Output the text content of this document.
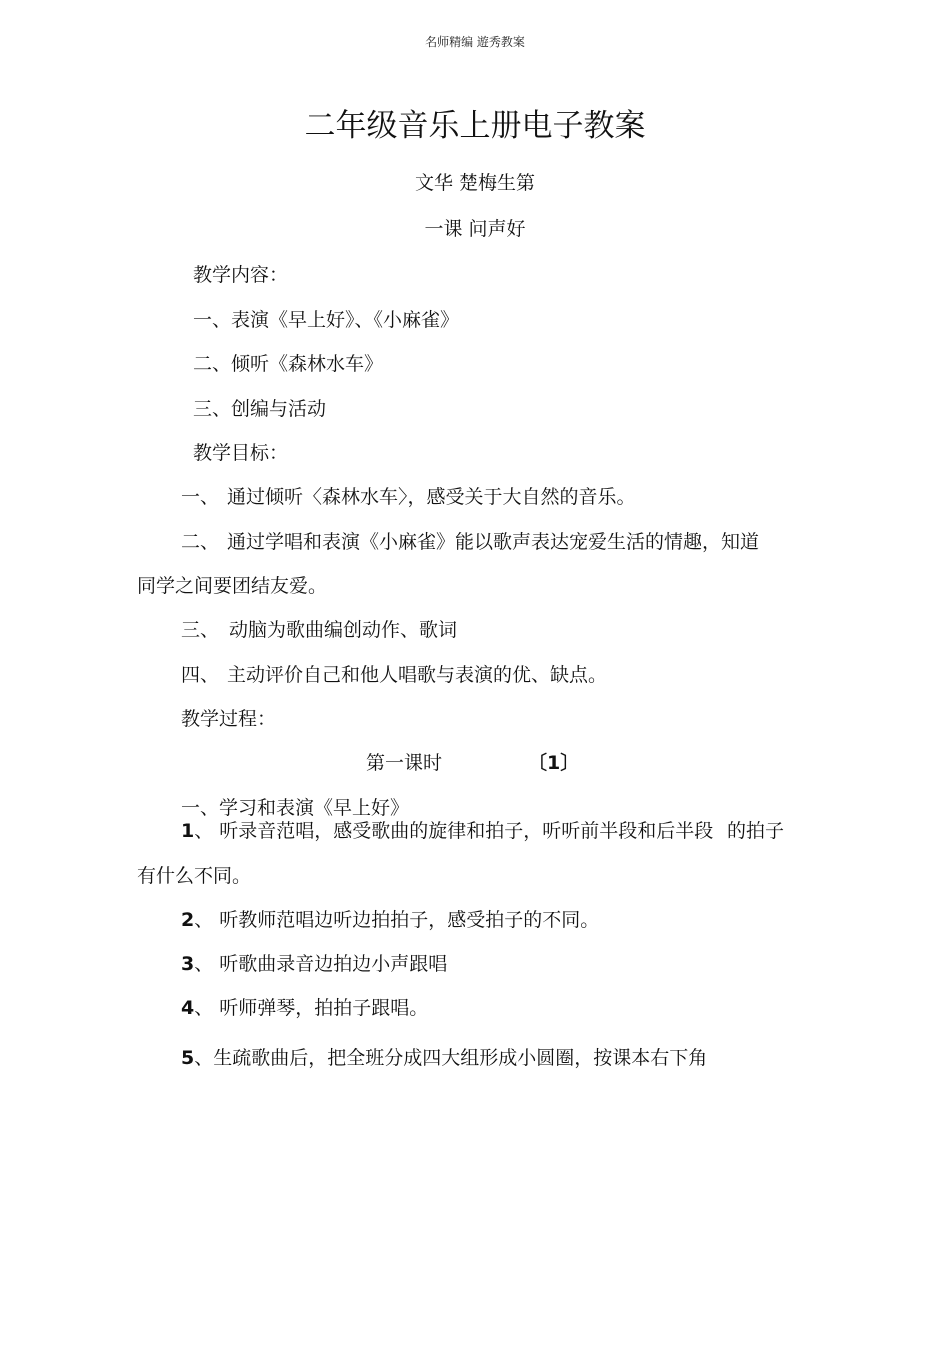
名师精编 遊秀教案
二年级音乐上册电子教案
文华 楚梅生第
一课 问声好
教学内容：
一、表演《早上好》、《小麻雀》
二、倾听《森林水车》
三、创编与活动
教学目标：
一、 通过倾听〈森林水车〉，感受关于大自然的音乐。
二、 通过学唱和表演《小麻雀》能以歌声表达宠爱生活的情趣，知道
同学之间要团结友爱。
三、 动脑为歌曲编创动作、歌词
四、 主动评价自己和他人唱歌与表演的优、缺点。
教学过程：
第一课时	〔1〕
一、学习和表演《早上好》
1、 听录音范唱，感受歌曲的旋律和拍子，听听前半段和后半段 的拍子
有什么不同。
2、 听教师范唱边听边拍拍子，感受拍子的不同。
3、 听歌曲录音边拍边小声跟唱
4、 听师弹琴，拍拍子跟唱。
5、生疏歌曲后，把全班分成四大组形成小圆圈，按课本右下角
